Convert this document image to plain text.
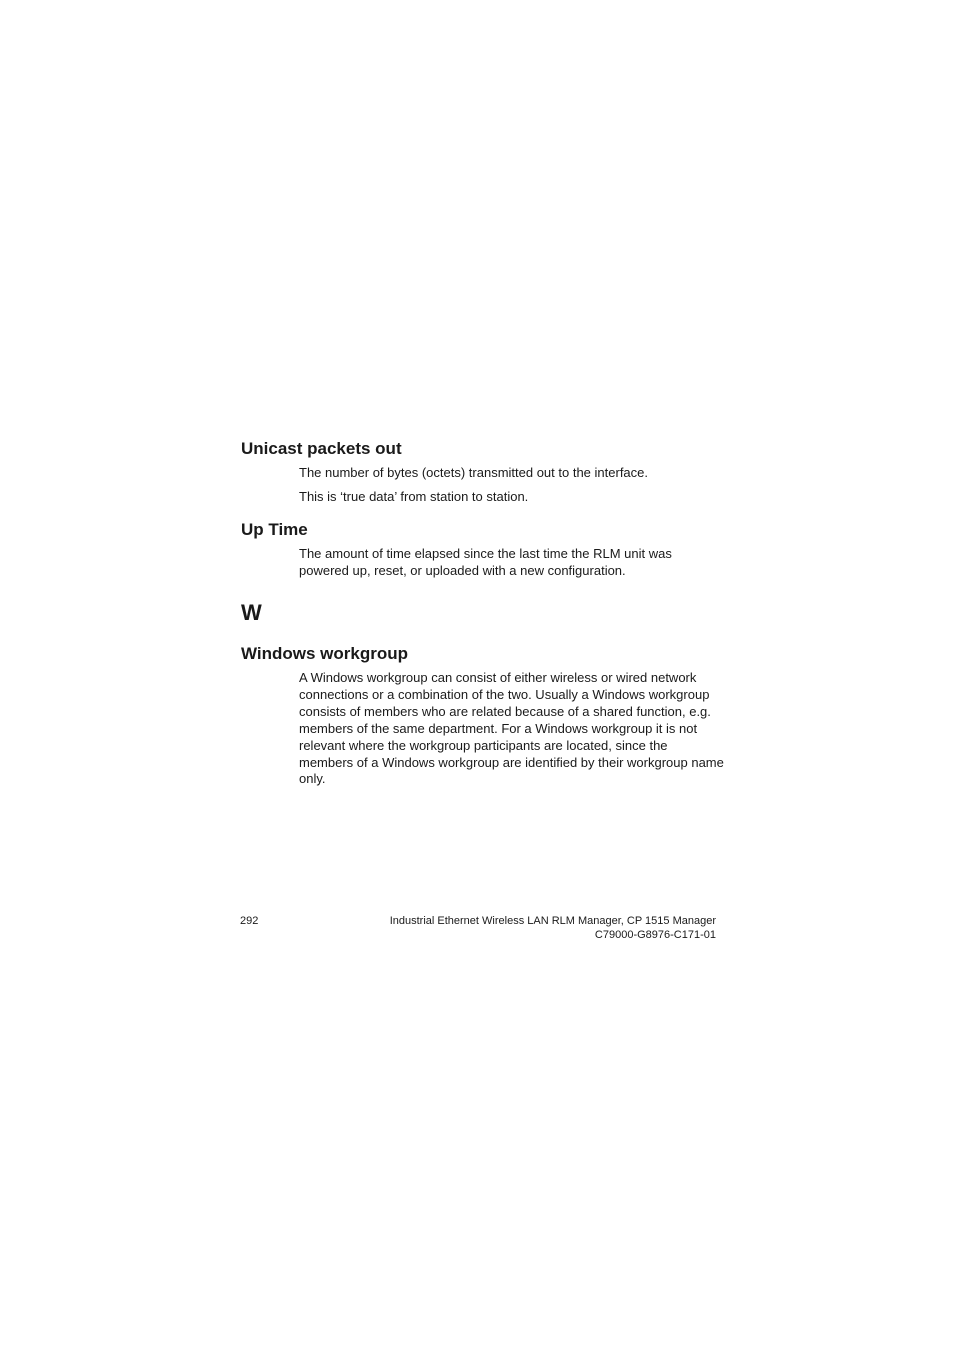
Unicast packets out

The number of bytes (octets) transmitted out to the interface.

This is ‘true data’ from station to station.

Up Time

The amount of time elapsed since the last time the RLM unit was powered up, reset, or uploaded with a new configuration.

W
Windows workgroup

A Windows workgroup can consist of either wireless or wired network connections or a combination of the two. Usually a Windows workgroup consists of members who are related because of a shared function, e.g. members of the same department. For a Windows workgroup it is not relevant where the workgroup participants are located, since the members of a Windows workgroup are identified by their workgroup name only.

292	Industrial Ethernet Wireless LAN RLM Manager, CP 1515 Manager
C79000-G8976-C171-01
